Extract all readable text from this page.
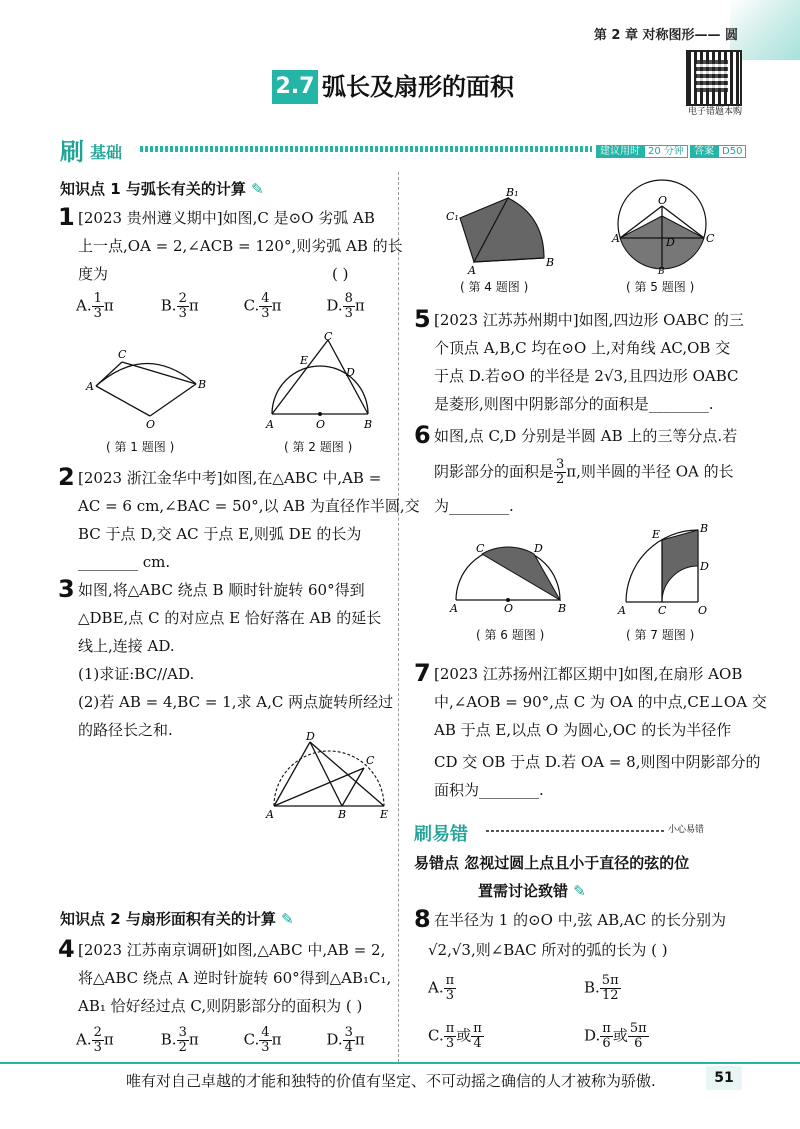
第 2 章 对称图形—— 圆
2.7 弧长及扇形的面积
电子错题本购
刷 基础	建议用时 20 分钟	答案 D50
知识点 1 与弧长有关的计算 ✎
1 [2023 贵州遵义期中]如图,C 是⊙O 劣弧 AB
上一点,OA = 2,∠ACB = 120°,则劣弧 AB 的长
度为	( )
A. $\frac{1}{3}$ π	B. $\frac{2}{3}$ π	C. $\frac{4}{3}$ π	D. $\frac{8}{3}$ π
A
C
B
O
( 第 1 题图 )
A
C
B
O
E
D
( 第 2 题图 )
2 [2023 浙江金华中考]如图,在△ABC 中,AB =
AC = 6 cm,∠BAC = 50°,以 AB 为直径作半圆,交
BC 于点 D,交 AC 于点 E,则弧 DE 的长为
________ cm.
3 如图,将△ABC 绕点 B 顺时针旋转 60°得到
△DBE,点 C 的对应点 E 恰好落在 AB 的延长
线上,连接 AD.
(1)求证:BC//AD.
(2)若 AB = 4,BC = 1,求 A,C 两点旋转所经过
的路径长之和.
A
D
C
B	E
知识点 2 与扇形面积有关的计算 ✎
4 [2023 江苏南京调研]如图,△ABC 中,AB = 2,
将△ABC 绕点 A 逆时针旋转 60°得到△AB₁C₁,
AB₁ 恰好经过点 C,则阴影部分的面积为 ( )
A. $\frac{2}{3}$ π	B. $\frac{3}{2}$ π	C. $\frac{4}{3}$ π	D. $\frac{3}{4}$ π
C₁
B₁
A
B
( 第 4 题图 )
O
A	C
D
B
( 第 5 题图 )
5 [2023 江苏苏州期中]如图,四边形 OABC 的三
个顶点 A,B,C 均在⊙O 上,对角线 AC,OB 交
于点 D.若⊙O 的半径是 2√3,且四边形 OABC
是菱形,则图中阴影部分的面积是________.
6 如图,点 C,D 分别是半圆 AB 上的三等分点.若
阴影部分的面积是 $\frac{3}{2} \pi$,则半圆的半径 OA 的长
为________.
A
C	D
B
O
( 第 6 题图 )
E	B
D
A	C	O
( 第 7 题图 )
7 [2023 江苏扬州江都区期中]如图,在扇形 AOB
中,∠AOB = 90°,点 C 为 OA 的中点,CE⊥OA 交
AB 于点 E,以点 O 为圆心,OC 的长为半径作
CD 交 OB 于点 D.若 OA = 8,则图中阴影部分的
面积为________.
刷易错	小心易错
易错点 忽视过圆上点且小于直径的弦的位
置需讨论致错 ✎
8 在半径为 1 的⊙O 中,弦 AB,AC 的长分别为
√2,√3,则∠BAC 所对的弧的长为 ( )
A. $\frac{\pi}{3}$	B. $\frac{5\pi}{12}$
C. $\frac{\pi}{3}$ 或 $\frac{\pi}{4}$	D. $\frac{\pi}{6}$ 或 $\frac{5\pi}{6}$
唯有对自己卓越的才能和独特的价值有坚定、不可动摇之确信的人才被称为骄傲.	51
